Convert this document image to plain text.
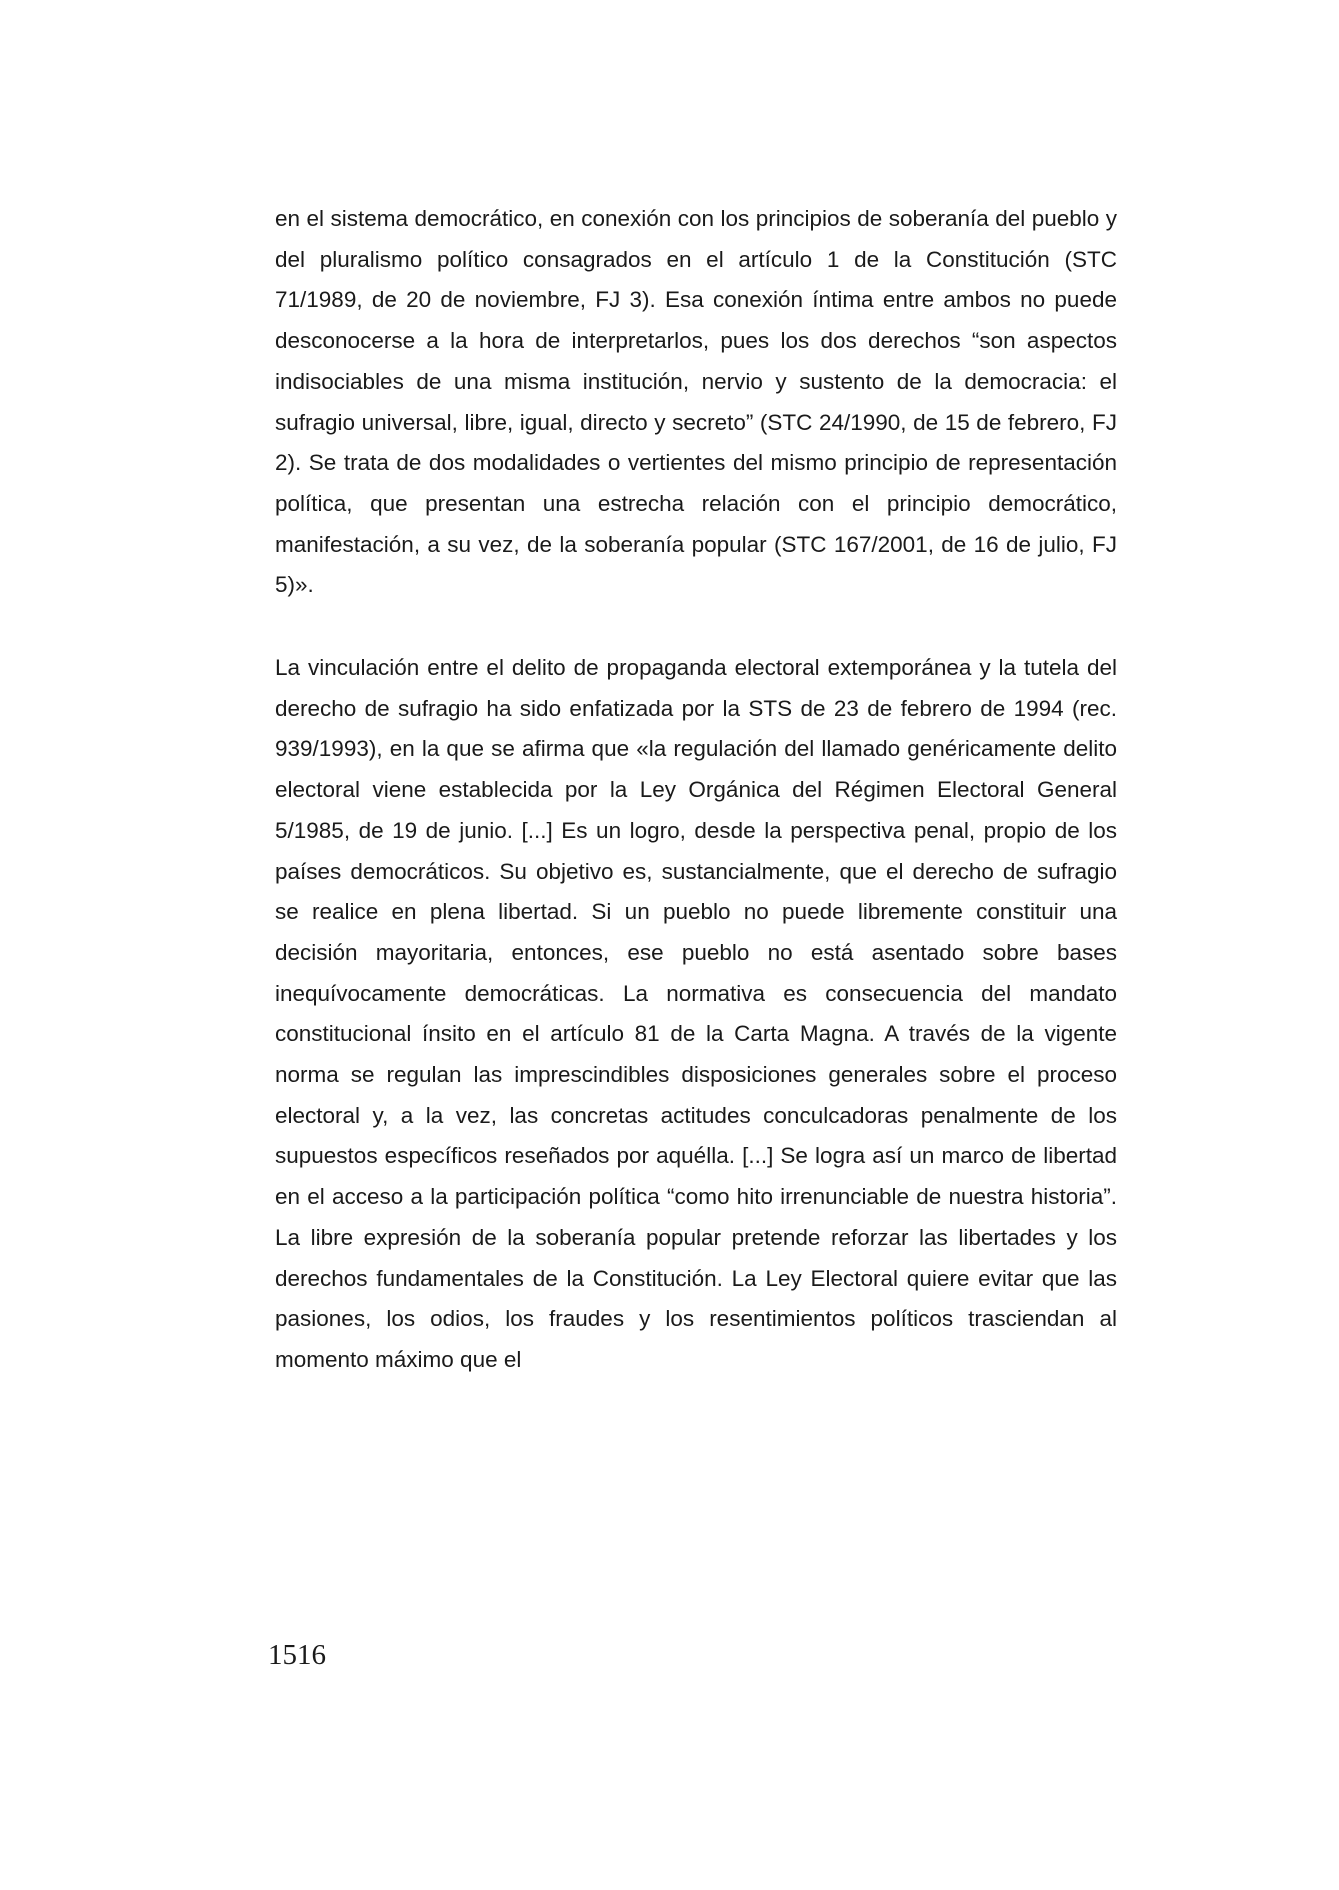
en el sistema democrático, en conexión con los principios de soberanía del pueblo y del pluralismo político consagrados en el artículo 1 de la Constitución (STC 71/1989, de 20 de noviembre, FJ 3). Esa conexión íntima entre ambos no puede desconocerse a la hora de interpretarlos, pues los dos derechos “son aspectos indisociables de una misma institución, nervio y sustento de la democracia: el sufragio universal, libre, igual, directo y secreto” (STC 24/1990, de 15 de febrero, FJ 2). Se trata de dos modalidades o vertientes del mismo principio de representación política, que presentan una estrecha relación con el principio democrático, manifestación, a su vez, de la soberanía popular (STC 167/2001, de 16 de julio, FJ 5)».

La vinculación entre el delito de propaganda electoral extemporánea y la tutela del derecho de sufragio ha sido enfatizada por la STS de 23 de febrero de 1994 (rec. 939/1993), en la que se afirma que «la regulación del llamado genéricamente delito electoral viene establecida por la Ley Orgánica del Régimen Electoral General 5/1985, de 19 de junio. [...] Es un logro, desde la perspectiva penal, propio de los países democráticos. Su objetivo es, sustancialmente, que el derecho de sufragio se realice en plena libertad. Si un pueblo no puede libremente constituir una decisión mayoritaria, entonces, ese pueblo no está asentado sobre bases inequívocamente democráticas. La normativa es consecuencia del mandato constitucional ínsito en el artículo 81 de la Carta Magna. A través de la vigente norma se regulan las imprescindibles disposiciones generales sobre el proceso electoral y, a la vez, las concretas actitudes conculcadoras penalmente de los supuestos específicos reseñados por aquélla. [...] Se logra así un marco de libertad en el acceso a la participación política “como hito irrenunciable de nuestra historia”. La libre expresión de la soberanía popular pretende reforzar las libertades y los derechos fundamentales de la Constitución. La Ley Electoral quiere evitar que las pasiones, los odios, los fraudes y los resentimientos políticos trasciendan al momento máximo que el

1516
